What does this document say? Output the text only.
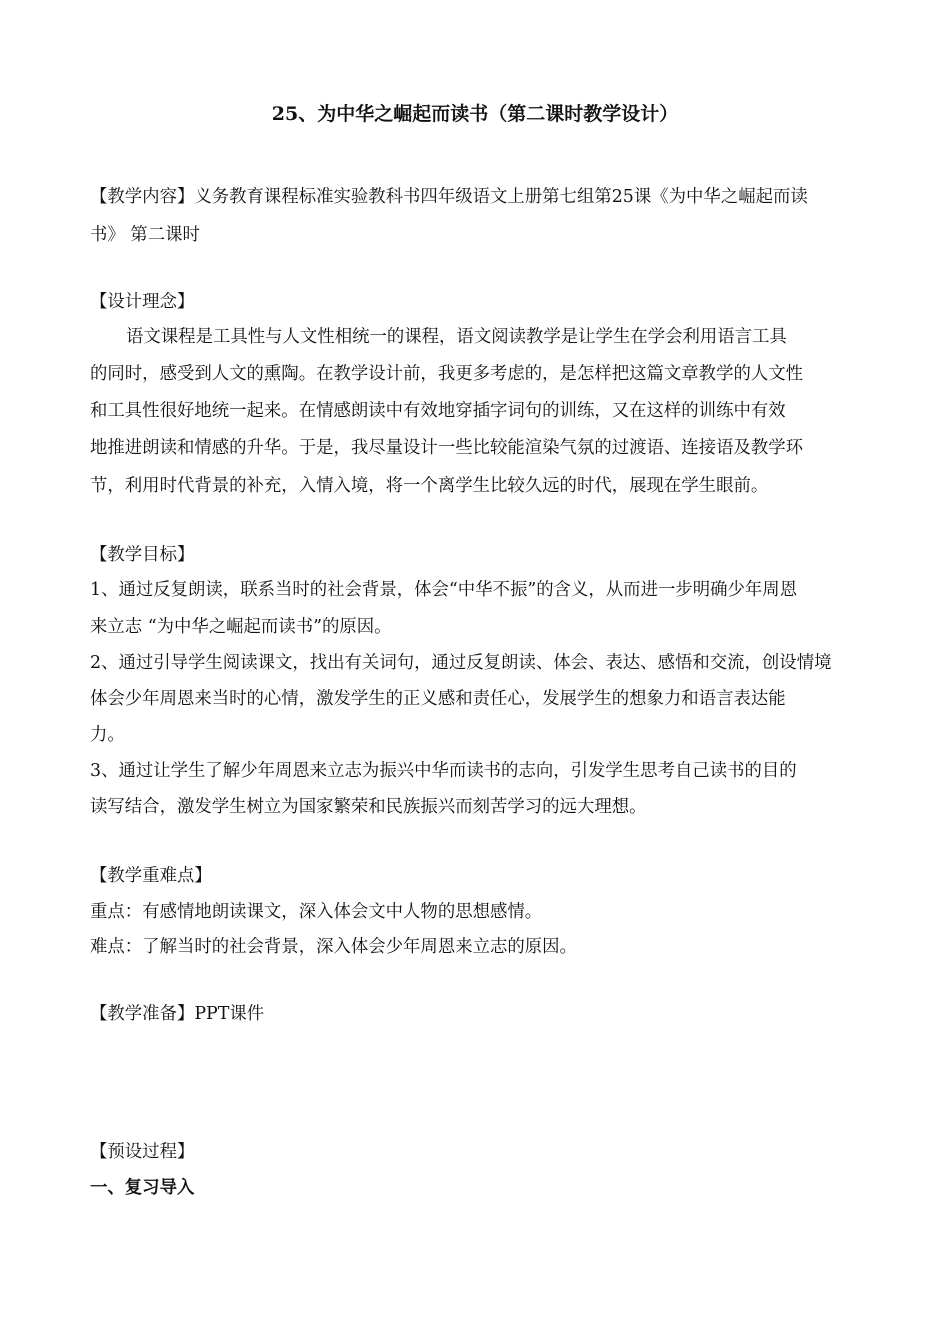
25、为中华之崛起而读书（第二课时教学设计）
【教学内容】义务教育课程标准实验教科书四年级语文上册第七组第25课《为中华之崛起而读
书》 第二课时
【设计理念】
语文课程是工具性与人文性相统一的课程，语文阅读教学是让学生在学会利用语言工具
的同时，感受到人文的熏陶。在教学设计前，我更多考虑的，是怎样把这篇文章教学的人文性
和工具性很好地统一起来。在情感朗读中有效地穿插字词句的训练，又在这样的训练中有效
地推进朗读和情感的升华。于是，我尽量设计一些比较能渲染气氛的过渡语、连接语及教学环
节，利用时代背景的补充，入情入境，将一个离学生比较久远的时代，展现在学生眼前。
【教学目标】
1、通过反复朗读，联系当时的社会背景，体会“中华不振”的含义，从而进一步明确少年周恩
来立志 “为中华之崛起而读书”的原因。
2、通过引导学生阅读课文，找出有关词句，通过反复朗读、体会、表达、感悟和交流，创设情境
体会少年周恩来当时的心情，激发学生的正义感和责任心，发展学生的想象力和语言表达能
力。
3、通过让学生了解少年周恩来立志为振兴中华而读书的志向，引发学生思考自己读书的目的
读写结合，激发学生树立为国家繁荣和民族振兴而刻苦学习的远大理想。
【教学重难点】
重点：有感情地朗读课文，深入体会文中人物的思想感情。
难点：了解当时的社会背景，深入体会少年周恩来立志的原因。
【教学准备】PPT课件
【预设过程】
一、复习导入
